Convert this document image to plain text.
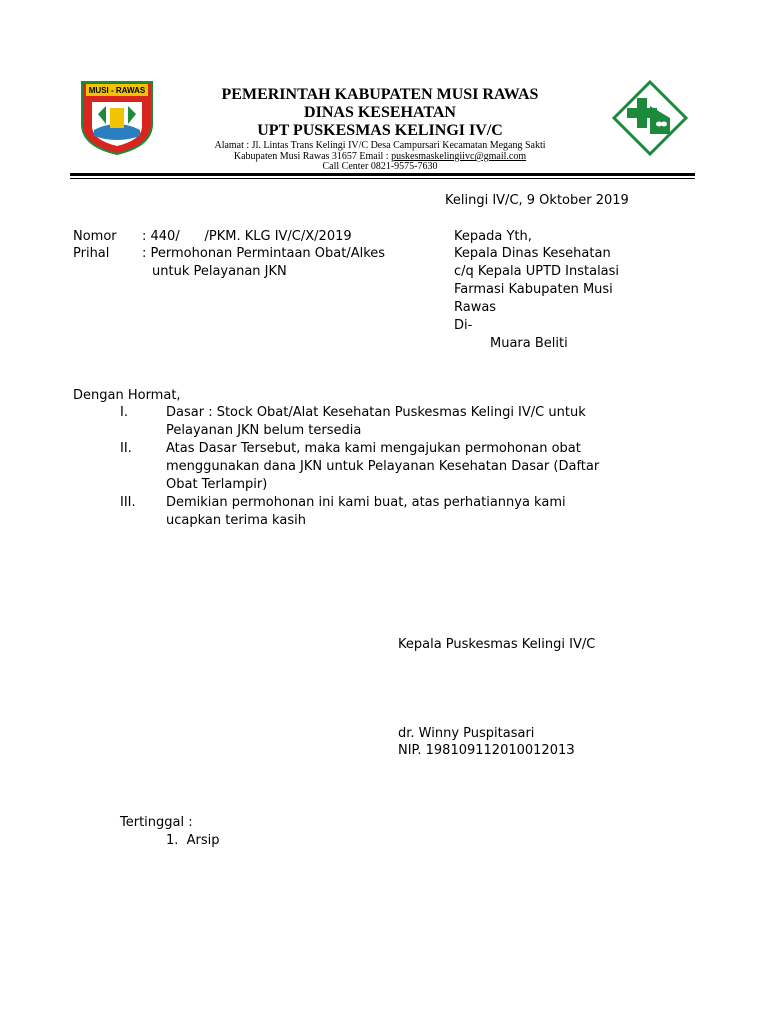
MUSI - RAWAS	PEMERINTAH KABUPATEN MUSI RAWAS
DINAS KESEHATAN
UPT PUSKESMAS KELINGI IV/C
Alamat : Jl. Lintas Trans Kelingi IV/C Desa Campursari Kecamatan Megang Sakti
Kabupaten Musi Rawas 31657 Email : puskesmaskelingiivc@gmail.com
Call Center 0821-9575-7630
Kelingi IV/C, 9 Oktober 2019
Nomor : 440/      /PKM. KLG IV/C/X/2019
Prihal	: Permohonan Permintaan Obat/Alkes
untuk Pelayanan JKN
Kepada Yth,
Kepala Dinas Kesehatan
c/q Kepala UPTD Instalasi
Farmasi Kabupaten Musi
Rawas
Di-
Muara Beliti
Dengan Hormat,
I.	Dasar : Stock Obat/Alat Kesehatan Puskesmas Kelingi IV/C untuk
Pelayanan JKN belum tersedia
II.	Atas Dasar Tersebut, maka kami mengajukan permohonan obat
menggunakan dana JKN untuk Pelayanan Kesehatan Dasar (Daftar
Obat Terlampir)
III. Demikian permohonan ini kami buat, atas perhatiannya kami
ucapkan terima kasih
Kepala Puskesmas Kelingi IV/C
dr. Winny Puspitasari
NIP. 19810911201001201З
Tertinggal :
1.  Arsip
